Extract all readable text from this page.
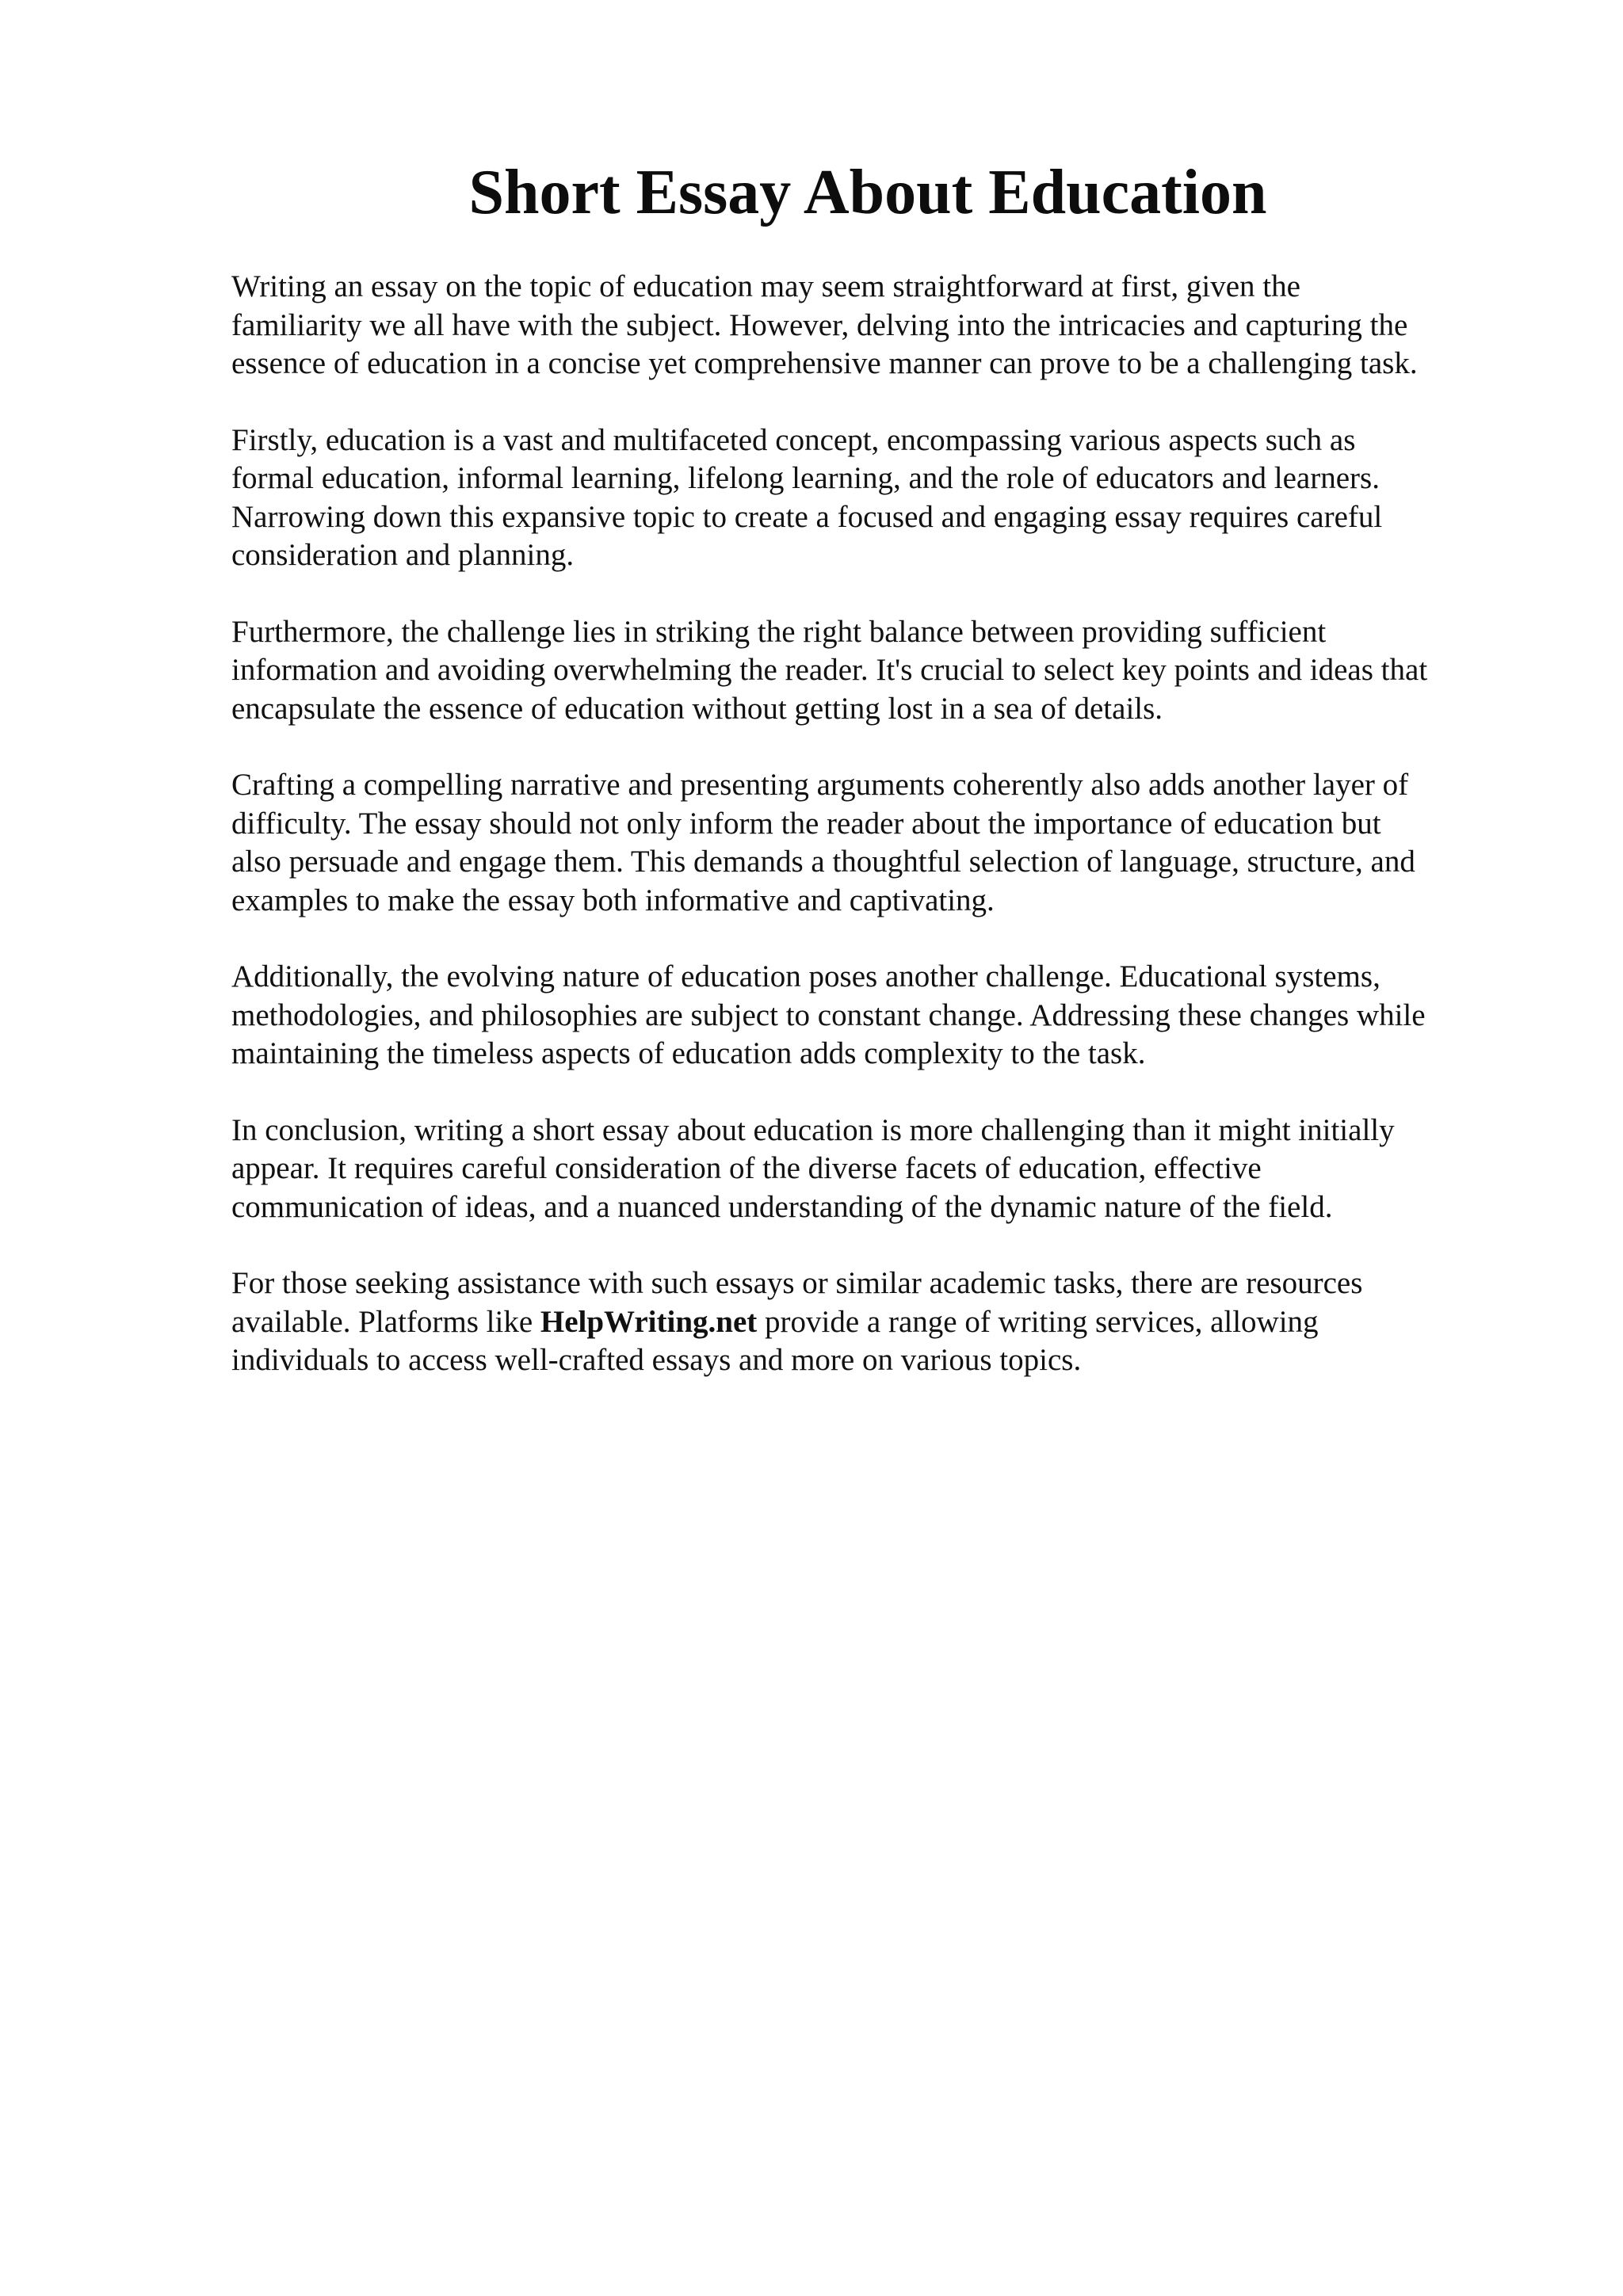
Short Essay About Education

Writing an essay on the topic of education may seem straightforward at first, given the
familiarity we all have with the subject. However, delving into the intricacies and capturing the
essence of education in a concise yet comprehensive manner can prove to be a challenging task.

Firstly, education is a vast and multifaceted concept, encompassing various aspects such as
formal education, informal learning, lifelong learning, and the role of educators and learners.
Narrowing down this expansive topic to create a focused and engaging essay requires careful
consideration and planning.

Furthermore, the challenge lies in striking the right balance between providing sufficient
information and avoiding overwhelming the reader. It's crucial to select key points and ideas that
encapsulate the essence of education without getting lost in a sea of details.

Crafting a compelling narrative and presenting arguments coherently also adds another layer of
difficulty. The essay should not only inform the reader about the importance of education but
also persuade and engage them. This demands a thoughtful selection of language, structure, and
examples to make the essay both informative and captivating.

Additionally, the evolving nature of education poses another challenge. Educational systems,
methodologies, and philosophies are subject to constant change. Addressing these changes while
maintaining the timeless aspects of education adds complexity to the task.

In conclusion, writing a short essay about education is more challenging than it might initially
appear. It requires careful consideration of the diverse facets of education, effective
communication of ideas, and a nuanced understanding of the dynamic nature of the field.

For those seeking assistance with such essays or similar academic tasks, there are resources
available. Platforms like HelpWriting.net provide a range of writing services, allowing
individuals to access well-crafted essays and more on various topics.
